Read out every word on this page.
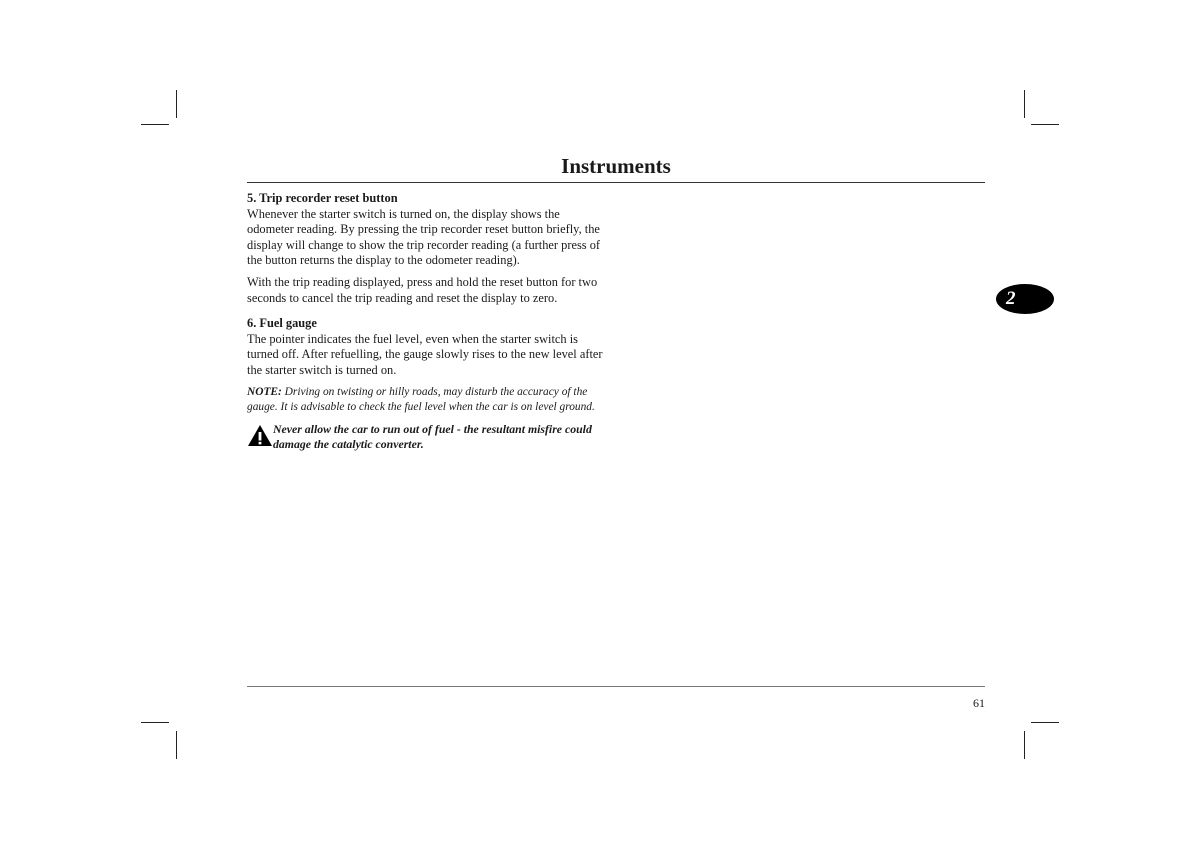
Instruments
5. Trip recorder reset button

Whenever the starter switch is turned on, the display shows the odometer reading. By pressing the trip recorder reset button briefly, the display will change to show the trip recorder reading (a further press of the button returns the display to the odometer reading).

With the trip reading displayed, press and hold the reset button for two seconds to cancel the trip reading and reset the display to zero.

6. Fuel gauge

The pointer indicates the fuel level, even when the starter switch is turned off. After refuelling, the gauge slowly rises to the new level after the starter switch is turned on.

NOTE: Driving on twisting or hilly roads, may disturb the accuracy of the gauge. It is advisable to check the fuel level when the car is on level ground.

Never allow the car to run out of fuel - the resultant misfire could damage the catalytic converter.
2
61
